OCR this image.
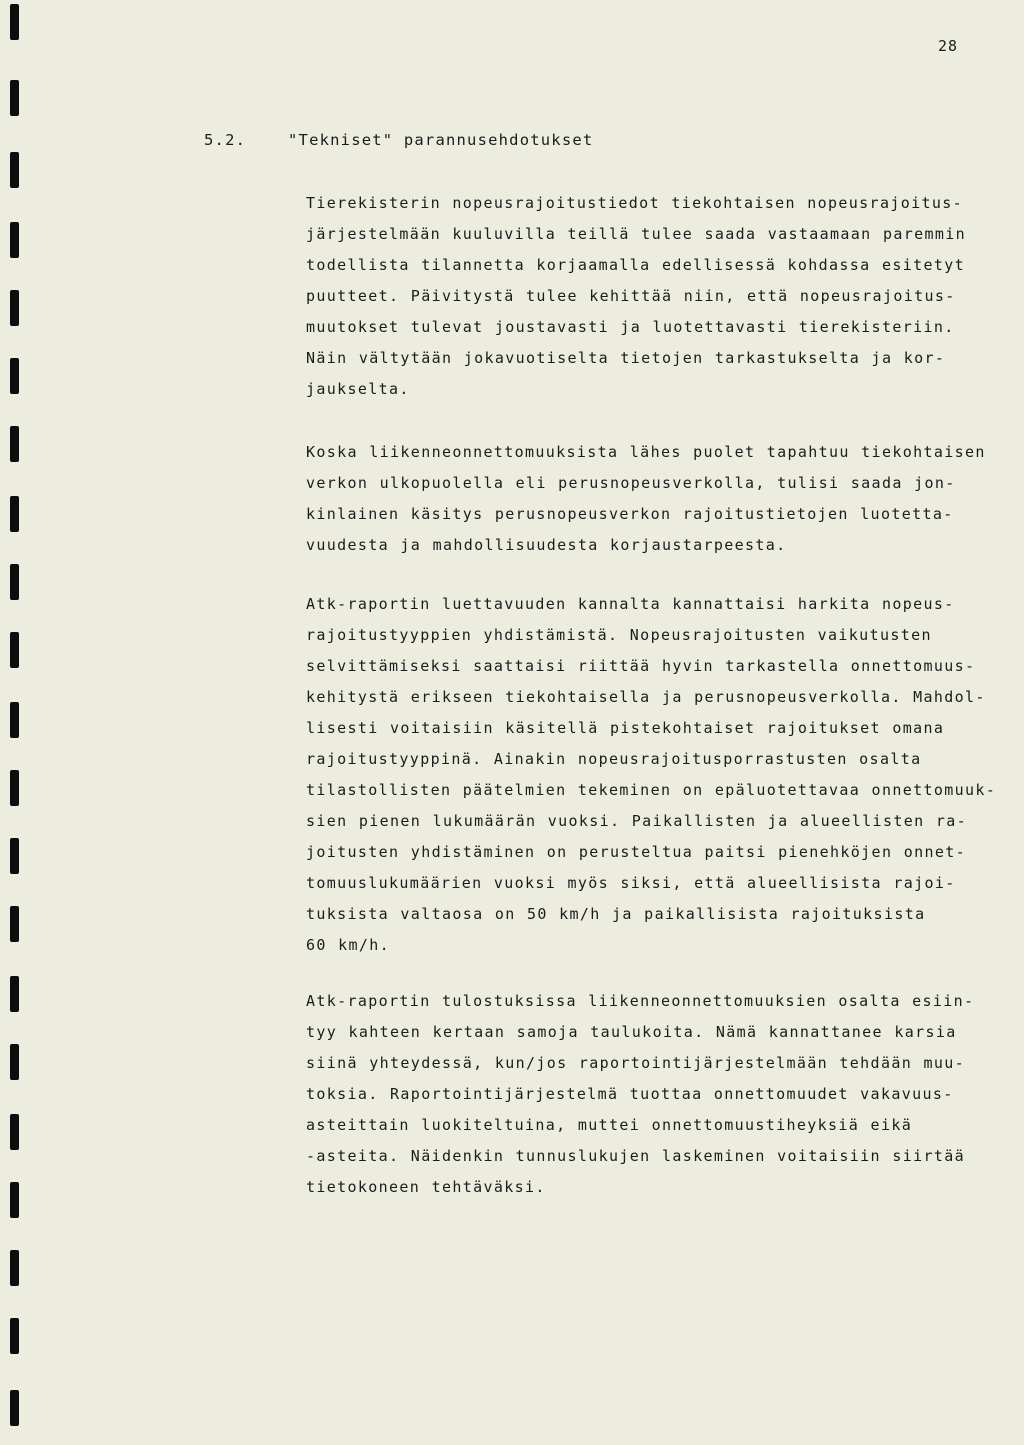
28
5.2.	"Tekniset" parannusehdotukset
Tierekisterin nopeusrajoitustiedot tiekohtaisen nopeusrajoitus-
järjestelmään kuuluvilla teillä tulee saada vastaamaan paremmin
todellista tilannetta korjaamalla edellisessä kohdassa esitetyt
puutteet. Päivitystä tulee kehittää niin, että nopeusrajoitus-
muutokset tulevat joustavasti ja luotettavasti tierekisteriin.
Näin vältytään jokavuotiselta tietojen tarkastukselta ja kor-
jaukselta.
Koska liikenneonnettomuuksista lähes puolet tapahtuu tiekohtaisen
verkon ulkopuolella eli perusnopeusverkolla, tulisi saada jon-
kinlainen käsitys perusnopeusverkon rajoitustietojen luotetta-
vuudesta ja mahdollisuudesta korjaustarpeesta.
Atk-raportin luettavuuden kannalta kannattaisi harkita nopeus-
rajoitustyyppien yhdistämistä. Nopeusrajoitusten vaikutusten
selvittämiseksi saattaisi riittää hyvin tarkastella onnettomuus-
kehitystä erikseen tiekohtaisella ja perusnopeusverkolla. Mahdol-
lisesti voitaisiin käsitellä pistekohtaiset rajoitukset omana
rajoitustyyppinä. Ainakin nopeusrajoitusporrastusten osalta
tilastollisten päätelmien tekeminen on epäluotettavaa onnettomuuk-
sien pienen lukumäärän vuoksi. Paikallisten ja alueellisten ra-
joitusten yhdistäminen on perusteltua paitsi pienehköjen onnet-
tomuuslukumäärien vuoksi myös siksi, että alueellisista rajoi-
tuksista valtaosa on 50 km/h ja paikallisista rajoituksista
60 km/h.
Atk-raportin tulostuksissa liikenneonnettomuuksien osalta esiin-
tyy kahteen kertaan samoja taulukoita. Nämä kannattanee karsia
siinä yhteydessä, kun/jos raportointijärjestelmään tehdään muu-
toksia. Raportointijärjestelmä tuottaa onnettomuudet vakavuus-
asteittain luokiteltuina, muttei onnettomuustiheyksiä eikä
-asteita. Näidenkin tunnuslukujen laskeminen voitaisiin siirtää
tietokoneen tehtäväksi.
